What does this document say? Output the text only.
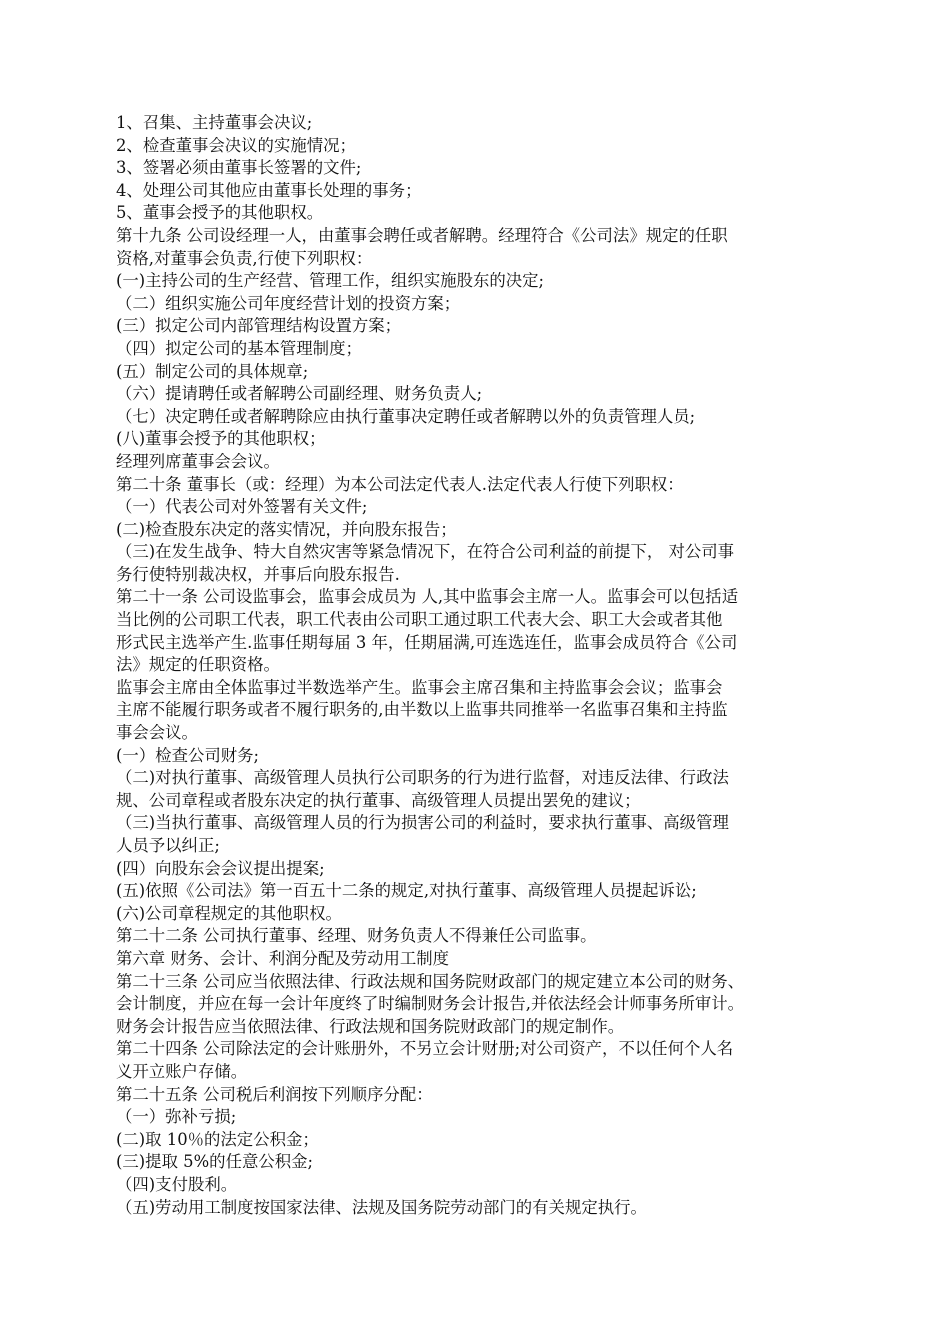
1、召集、主持董事会决议;
2、检查董事会决议的实施情况；
3、签署必须由董事长签署的文件;
4、处理公司其他应由董事长处理的事务；
5、董事会授予的其他职权。
第十九条 公司设经理一人，由董事会聘任或者解聘。经理符合《公司法》规定的任职
资格,对董事会负责,行使下列职权：
(一)主持公司的生产经营、管理工作，组织实施股东的决定;
（二）组织实施公司年度经营计划的投资方案；
(三）拟定公司内部管理结构设置方案；
（四）拟定公司的基本管理制度；
(五）制定公司的具体规章;
（六）提请聘任或者解聘公司副经理、财务负责人;
（七）决定聘任或者解聘除应由执行董事决定聘任或者解聘以外的负责管理人员;
(八)董事会授予的其他职权；
经理列席董事会会议。
第二十条 董事长（或：经理）为本公司法定代表人.法定代表人行使下列职权：
（一）代表公司对外签署有关文件;
(二)检查股东决定的落实情况，并向股东报告；
（三)在发生战争、特大自然灾害等紧急情况下，在符合公司利益的前提下， 对公司事
务行使特别裁决权，并事后向股东报告.
第二十一条 公司设监事会，监事会成员为 人,其中监事会主席一人。监事会可以包括适
当比例的公司职工代表，职工代表由公司职工通过职工代表大会、职工大会或者其他
形式民主选举产生.监事任期每届 3 年，任期届满,可连选连任，监事会成员符合《公司
法》规定的任职资格。
监事会主席由全体监事过半数选举产生。监事会主席召集和主持监事会会议；监事会
主席不能履行职务或者不履行职务的,由半数以上监事共同推举一名监事召集和主持监
事会会议。
(一）检查公司财务;
（二)对执行董事、高级管理人员执行公司职务的行为进行监督，对违反法律、行政法
规、公司章程或者股东决定的执行董事、高级管理人员提出罢免的建议；
（三)当执行董事、高级管理人员的行为损害公司的利益时，要求执行董事、高级管理
人员予以纠正;
(四）向股东会会议提出提案;
(五)依照《公司法》第一百五十二条的规定,对执行董事、高级管理人员提起诉讼;
(六)公司章程规定的其他职权。
第二十二条 公司执行董事、经理、财务负责人不得兼任公司监事。
第六章 财务、会计、利润分配及劳动用工制度
第二十三条 公司应当依照法律、行政法规和国务院财政部门的规定建立本公司的财务、
会计制度，并应在每一会计年度终了时编制财务会计报告,并依法经会计师事务所审计。
财务会计报告应当依照法律、行政法规和国务院财政部门的规定制作。
第二十四条 公司除法定的会计账册外，不另立会计财册;对公司资产，不以任何个人名
义开立账户存储。
第二十五条 公司税后利润按下列顺序分配：
（一）弥补亏损;
(二)取 10％的法定公积金；
(三)提取 5%的任意公积金;
（四)支付股利。
（五)劳动用工制度按国家法律、法规及国务院劳动部门的有关规定执行。
